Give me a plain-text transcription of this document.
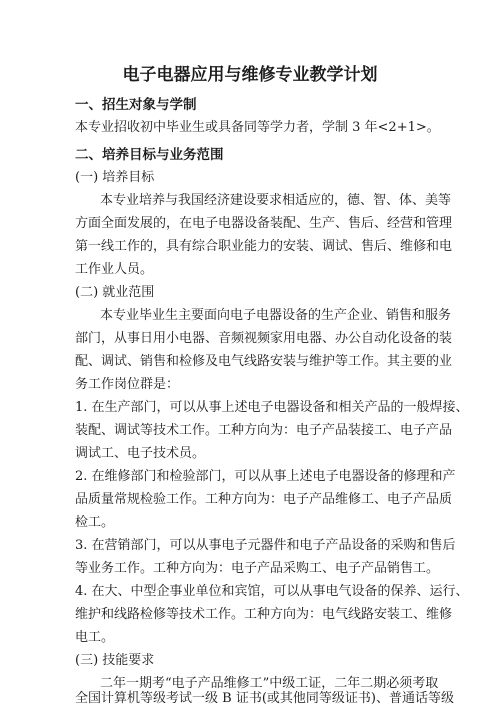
电子电器应用与维修专业教学计划
一、招生对象与学制
本专业招收初中毕业生或具备同等学力者，学制 3 年<2+1>。
二、培养目标与业务范围
(一) 培养目标
本专业培养与我国经济建设要求相适应的，德、智、体、美等
方面全面发展的，在电子电器设备装配、生产、售后、经营和管理
第一线工作的，具有综合职业能力的安装、调试、售后、维修和电
工作业人员。
(二) 就业范围
本专业毕业生主要面向电子电器设备的生产企业、销售和服务
部门，从事日用小电器、音频视频家用电器、办公自动化设备的装
配、调试、销售和检修及电气线路安装与维护等工作。其主要的业
务工作岗位群是：
1. 在生产部门，可以从事上述电子电器设备和相关产品的一般焊接、
装配、调试等技术工作。工种方向为：电子产品装接工、电子产品
调试工、电子技术员。
2. 在维修部门和检验部门，可以从事上述电子电器设备的修理和产
品质量常规检验工作。工种方向为：电子产品维修工、电子产品质
检工。
3. 在营销部门，可以从事电子元器件和电子产品设备的采购和售后
等业务工作。工种方向为：电子产品采购工、电子产品销售工。
4. 在大、中型企事业单位和宾馆，可以从事电气设备的保养、运行、
维护和线路检修等技术工作。工种方向为：电气线路安装工、维修
电工。
(三) 技能要求
二年一期考“电子产品维修工”中级工证，二年二期必须考取
全国计算机等级考试一级 B 证书(或其他同等级证书)、普通话等级
